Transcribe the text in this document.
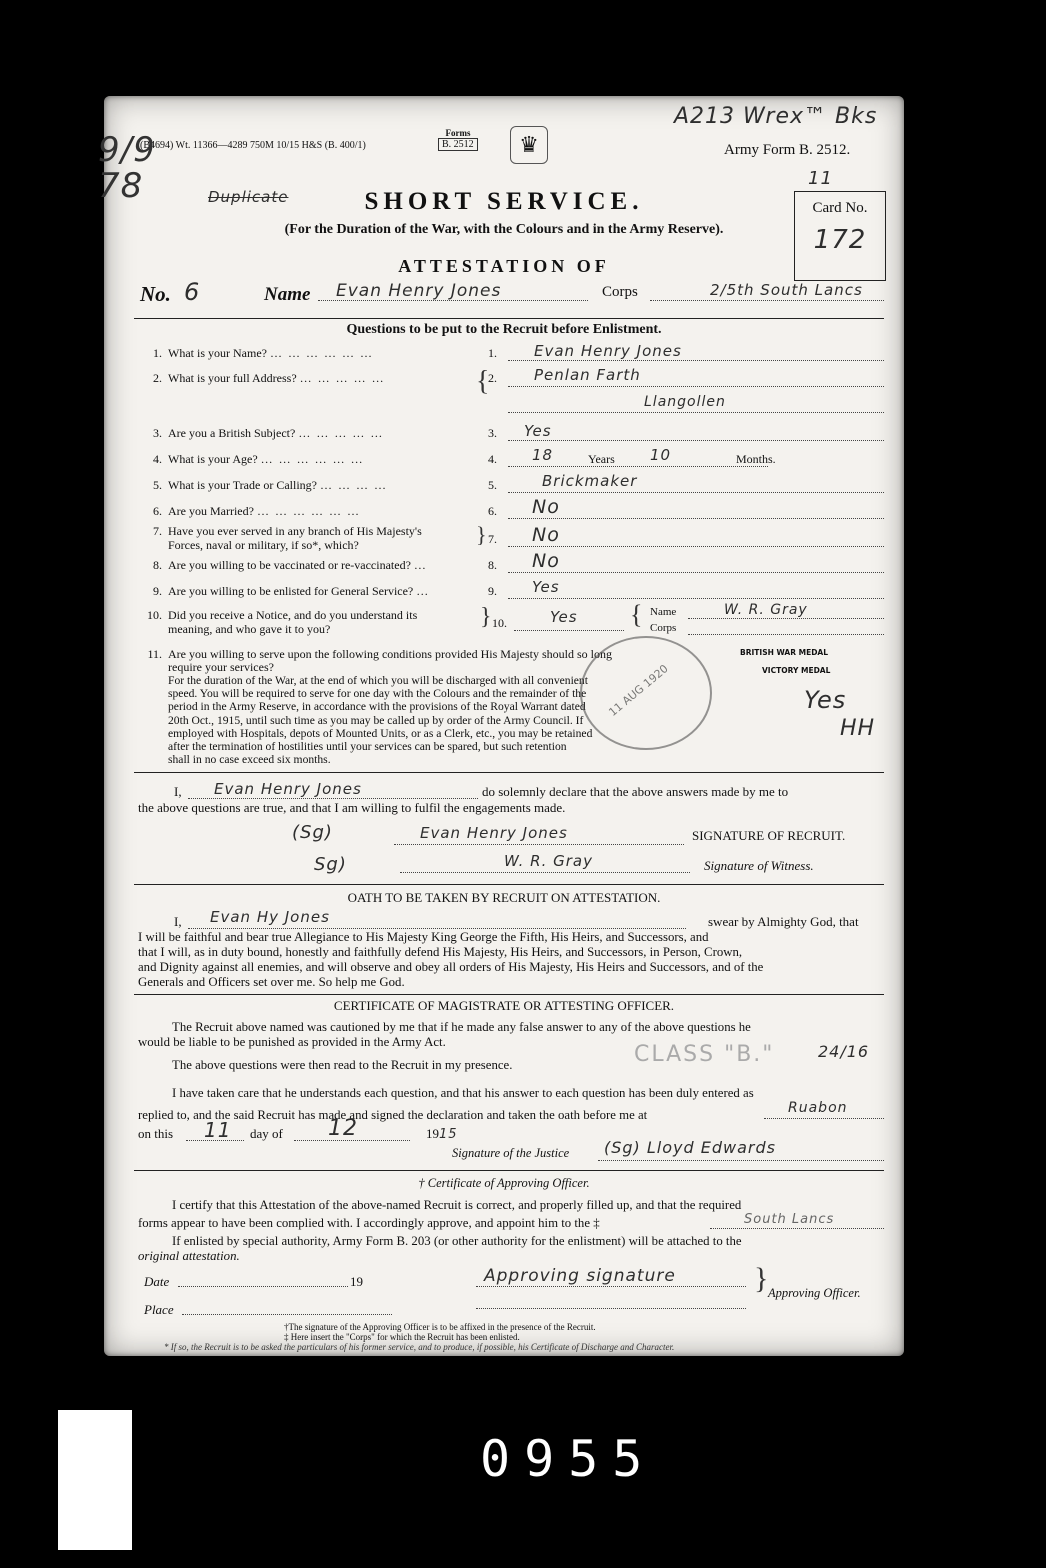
(B4694) Wt. 11366—4289 750M 10/15 H&S (B. 400/1)
Forms
B. 2512	♛
A213 Wrex™ Bks
Army Form B. 2512.
9/9 78	Duplicate
11
Card No.
172
SHORT SERVICE.
(For the Duration of the War, with the Colours and in the Army Reserve).
ATTESTATION OF
No. 6	Name Evan Henry Jones	Corps	2/5th South Lancs
Questions to be put to the Recruit before Enlistment.
1. What is your Name? ………………	1. Evan Henry Jones
2. What is your full Address? ……………	{
2. Penlan Farth
Llangollen
3. Are you a British Subject? ……………	3. Yes
4. What is your Age? ………………	4. 18	Years 10	Months.
5. What is your Trade or Calling? …………	5.	Brickmaker
6. Are you Married? ………………	6. No
7. Have you ever served in any branch of His Majesty's
Forces, naval or military, if so*, which?	} 7. No
8. Are you willing to be vaccinated or re-vaccinated? …	8. No
9. Are you willing to be enlisted for General Service? …	9. Yes
10. Did you receive a Notice, and do you understand its
meaning, and who gave it to you?	} 10.	Yes { Name	W. R. Gray
Corps
11. Are you willing to serve upon the following conditions provided His Majesty should so long
require your services?
For the duration of the War, at the end of which you will be discharged with all convenient
speed. You will be required to serve for one day with the Colours and the remainder of the
period in the Army Reserve, in accordance with the provisions of the Royal Warrant dated
20th Oct., 1915, until such time as you may be called up by order of the Army Council. If
employed with Hospitals, depots of Mounted Units, or as a Clerk, etc., you may be retained
after the termination of hostilities until your services can be spared, but such retention
shall in no case exceed six months.
BRITISH WAR MEDAL
VICTORY MEDAL
Yes
HH
11 AUG 1920
I, Evan Henry Jones	do solemnly declare that the above answers made by me to
the above questions are true, and that I am willing to fulfil the engagements made.
(Sg)	Evan Henry Jones	SIGNATURE OF RECRUIT.
Sg)	W. R. Gray	Signature of Witness.
OATH TO BE TAKEN BY RECRUIT ON ATTESTATION.
I, Evan Hy Jones	swear by Almighty God, that
I will be faithful and bear true Allegiance to His Majesty King George the Fifth, His Heirs, and Successors, and
that I will, as in duty bound, honestly and faithfully defend His Majesty, His Heirs, and Successors, in Person, Crown,
and Dignity against all enemies, and will observe and obey all orders of His Majesty, His Heirs and Successors, and of the
Generals and Officers set over me. So help me God.
CERTIFICATE OF MAGISTRATE OR ATTESTING OFFICER.
The Recruit above named was cautioned by me that if he made any false answer to any of the above questions he
would be liable to be punished as provided in the Army Act.
The above questions were then read to the Recruit in my presence.	CLASS "B."	24/16
I have taken care that he understands each question, and that his answer to each question has been duly entered as
replied to, and the said Recruit has made and signed the declaration and taken the oath before me at	Ruabon
on this 11 day of 12	1915
Signature of the Justice (Sg) Lloyd Edwards
† Certificate of Approving Officer.
I certify that this Attestation of the above-named Recruit is correct, and properly filled up, and that the required
forms appear to have been complied with. I accordingly approve, and appoint him to the ‡	South Lancs
If enlisted by special authority, Army Form B. 203 (or other authority for the enlistment) will be attached to the
original attestation.
Date	19
Place
Approving signature	} Approving Officer.
†The signature of the Approving Officer is to be affixed in the presence of the Recruit.
‡ Here insert the "Corps" for which the Recruit has been enlisted.
* If so, the Recruit is to be asked the particulars of his former service, and to produce, if possible, his Certificate of Discharge and Character.
0955
